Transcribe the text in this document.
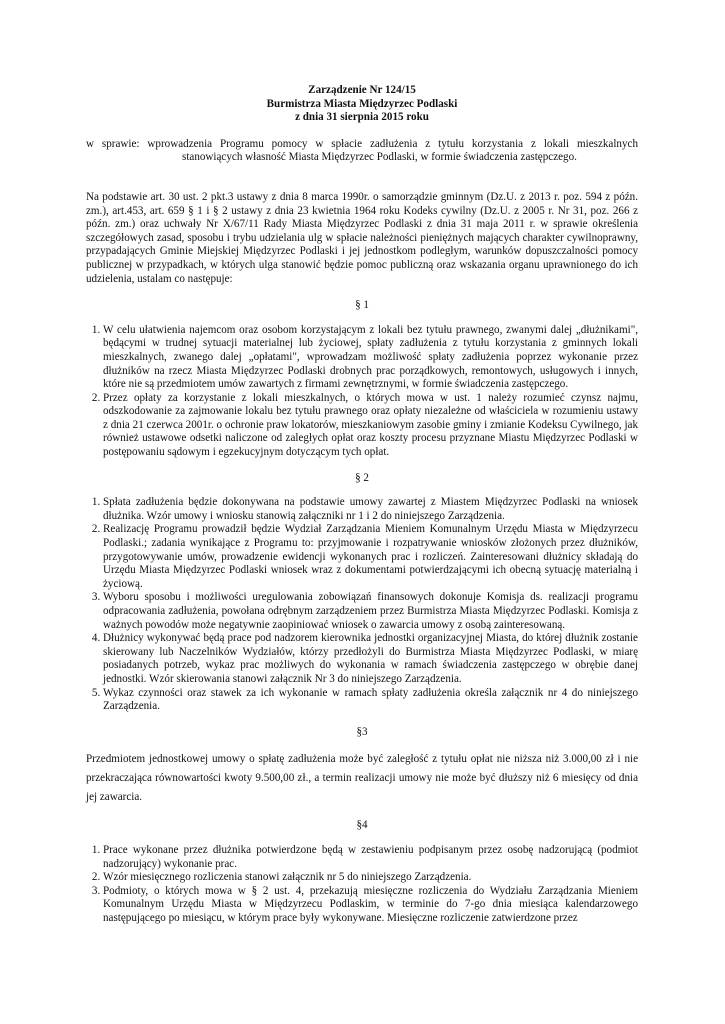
Zarządzenie Nr 124/15
Burmistrza Miasta Międzyrzec Podlaski
z dnia 31 sierpnia 2015 roku
w sprawie: wprowadzenia Programu pomocy w spłacie zadłużenia z tytułu korzystania z lokali mieszkalnych
stanowiących własność Miasta Międzyrzec Podlaski, w formie świadczenia zastępczego.
Na podstawie art. 30 ust. 2 pkt.3 ustawy z dnia 8 marca 1990r. o samorządzie gminnym (Dz.U. z 2013 r. poz. 594 z późn. zm.), art.453, art. 659 § 1 i § 2 ustawy z dnia 23 kwietnia 1964 roku Kodeks cywilny (Dz.U. z 2005 r. Nr 31, poz. 266 z późn. zm.) oraz uchwały Nr X/67/11 Rady Miasta Międzyrzec Podlaski z dnia 31 maja 2011 r. w sprawie określenia szczegółowych zasad, sposobu i trybu udzielania ulg w spłacie należności pieniężnych mających charakter cywilnoprawny, przypadających Gminie Miejskiej Międzyrzec Podlaski i jej jednostkom podległym, warunków dopuszczalności pomocy publicznej w przypadkach, w których ulga stanowić będzie pomoc publiczną oraz wskazania organu uprawnionego do ich udzielenia, ustalam co następuje:
§ 1
1. W celu ułatwienia najemcom oraz osobom korzystającym z lokali bez tytułu prawnego, zwanymi dalej „dłużnikami", będącymi w trudnej sytuacji materialnej lub życiowej, spłaty zadłużenia z tytułu korzystania z gminnych lokali mieszkalnych, zwanego dalej „opłatami", wprowadzam możliwość spłaty zadłużenia poprzez wykonanie przez dłużników na rzecz Miasta Międzyrzec Podlaski drobnych prac porządkowych, remontowych, usługowych i innych, które nie są przedmiotem umów zawartych z firmami zewnętrznymi, w formie świadczenia zastępczego.
2. Przez opłaty za korzystanie z lokali mieszkalnych, o których mowa w ust. 1 należy rozumieć czynsz najmu, odszkodowanie za zajmowanie lokalu bez tytułu prawnego oraz opłaty niezależne od właściciela w rozumieniu ustawy z dnia 21 czerwca 2001r. o ochronie praw lokatorów, mieszkaniowym zasobie gminy i zmianie Kodeksu Cywilnego, jak również ustawowe odsetki naliczone od zaległych opłat oraz koszty procesu przyznane Miastu Międzyrzec Podlaski w postępowaniu sądowym i egzekucyjnym dotyczącym tych opłat.
§ 2
1. Spłata zadłużenia będzie dokonywana na podstawie umowy zawartej z Miastem Międzyrzec Podlaski na wniosek dłużnika. Wzór umowy i wniosku stanowią załączniki nr 1 i 2 do niniejszego Zarządzenia.
2. Realizację Programu prowadził będzie Wydział Zarządzania Mieniem Komunalnym Urzędu Miasta w Międzyrzecu Podlaski.; zadania wynikające z Programu to: przyjmowanie i rozpatrywanie wniosków złożonych przez dłużników, przygotowywanie umów, prowadzenie ewidencji wykonanych prac i rozliczeń. Zainteresowani dłużnicy składają do Urzędu Miasta Międzyrzec Podlaski wniosek wraz z dokumentami potwierdzającymi ich obecną sytuację materialną i życiową.
3. Wyboru sposobu i możliwości uregulowania zobowiązań finansowych dokonuje Komisja ds. realizacji programu odpracowania zadłużenia, powołana odrębnym zarządzeniem przez Burmistrza Miasta Międzyrzec Podlaski. Komisja z ważnych powodów może negatywnie zaopiniować wniosek o zawarcia umowy z osobą zainteresowaną.
4. Dłużnicy wykonywać będą prace pod nadzorem kierownika jednostki organizacyjnej Miasta, do której dłużnik zostanie skierowany lub Naczelników Wydziałów, którzy przedłożyli do Burmistrza Miasta Międzyrzec Podlaski, w miarę posiadanych potrzeb, wykaz prac możliwych do wykonania w ramach świadczenia zastępczego w obrębie danej jednostki. Wzór skierowania stanowi załącznik Nr 3 do niniejszego Zarządzenia.
5. Wykaz czynności oraz stawek za ich wykonanie w ramach spłaty zadłużenia określa załącznik nr 4 do niniejszego Zarządzenia.
§3
Przedmiotem jednostkowej umowy o spłatę zadłużenia może być zaległość z tytułu opłat nie niższa niż 3.000,00 zł i nie przekraczająca równowartości kwoty 9.500,00 zł., a termin realizacji umowy nie może być dłuższy niż 6 miesięcy od dnia jej zawarcia.
§4
1. Prace wykonane przez dłużnika potwierdzone będą w zestawieniu podpisanym przez osobę nadzorującą (podmiot nadzorujący) wykonanie prac.
2. Wzór miesięcznego rozliczenia stanowi załącznik nr 5 do niniejszego Zarządzenia.
3. Podmioty, o których mowa w § 2 ust. 4, przekazują miesięczne rozliczenia do Wydziału Zarządzania Mieniem Komunalnym Urzędu Miasta w Międzyrzecu Podlaskim, w terminie do 7-go dnia miesiąca kalendarzowego następującego po miesiącu, w którym prace były wykonywane. Miesięczne rozliczenie zatwierdzone przez
